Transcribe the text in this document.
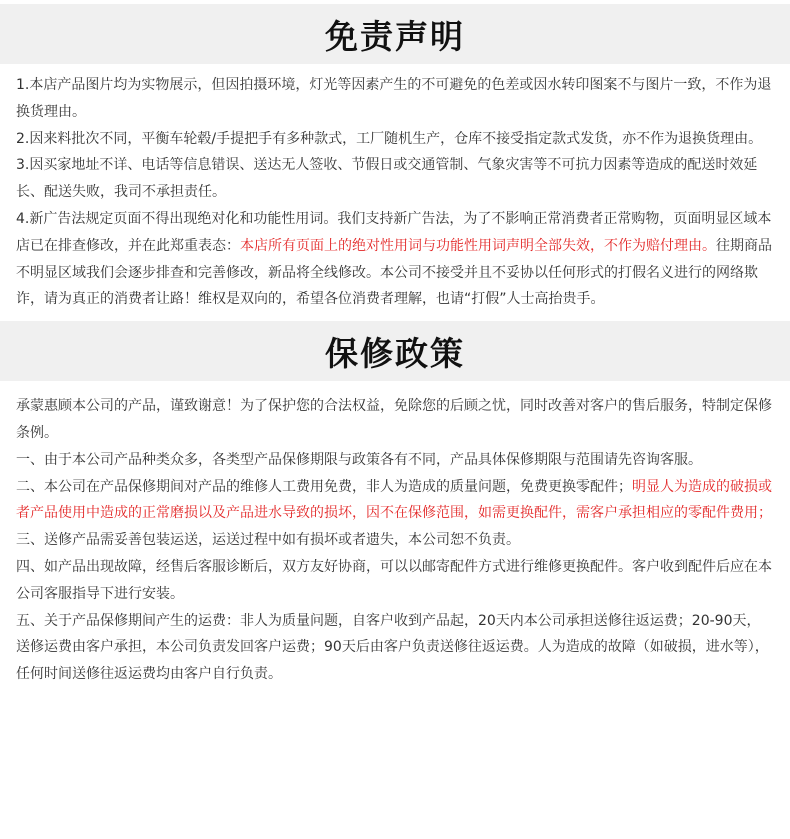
免责声明

1.本店产品图片均为实物展示，但因拍摄环境，灯光等因素产生的不可避免的色差或因水转印图案不与图片一致，不作为退换货理由。

2.因来料批次不同，平衡车轮毂/手提把手有多种款式，工厂随机生产，仓库不接受指定款式发货，亦不作为退换货理由。

3.因买家地址不详、电话等信息错误、送达无人签收、节假日或交通管制、气象灾害等不可抗力因素等造成的配送时效延长、配送失败，我司不承担责任。

4.新广告法规定页面不得出现绝对化和功能性用词。我们支持新广告法，为了不影响正常消费者正常购物，页面明显区域本店已在排查修改，并在此郑重表态：本店所有页面上的绝对性用词与功能性用词声明全部失效，不作为赔付理由。往期商品不明显区域我们会逐步排查和完善修改，新品将全线修改。本公司不接受并且不妥协以任何形式的打假名义进行的网络欺诈，请为真正的消费者让路！维权是双向的，希望各位消费者理解，也请“打假”人士高抬贵手。

保修政策

承蒙惠顾本公司的产品，谨致谢意！为了保护您的合法权益，免除您的后顾之忧，同时改善对客户的售后服务，特制定保修条例。

一、由于本公司产品种类众多，各类型产品保修期限与政策各有不同，产品具体保修期限与范围请先咨询客服。

二、本公司在产品保修期间对产品的维修人工费用免费，非人为造成的质量问题，免费更换零配件；明显人为造成的破损或者产品使用中造成的正常磨损以及产品进水导致的损坏，因不在保修范围，如需更换配件，需客户承担相应的零配件费用；

三、送修产品需妥善包装运送，运送过程中如有损坏或者遗失，本公司恕不负责。

四、如产品出现故障，经售后客服诊断后，双方友好协商，可以以邮寄配件方式进行维修更换配件。客户收到配件后应在本公司客服指导下进行安装。

五、关于产品保修期间产生的运费：非人为质量问题，自客户收到产品起，20天内本公司承担送修往返运费；20-90天，送修运费由客户承担，本公司负责发回客户运费；90天后由客户负责送修往返运费。人为造成的故障（如破损，进水等），任何时间送修往返运费均由客户自行负责。
